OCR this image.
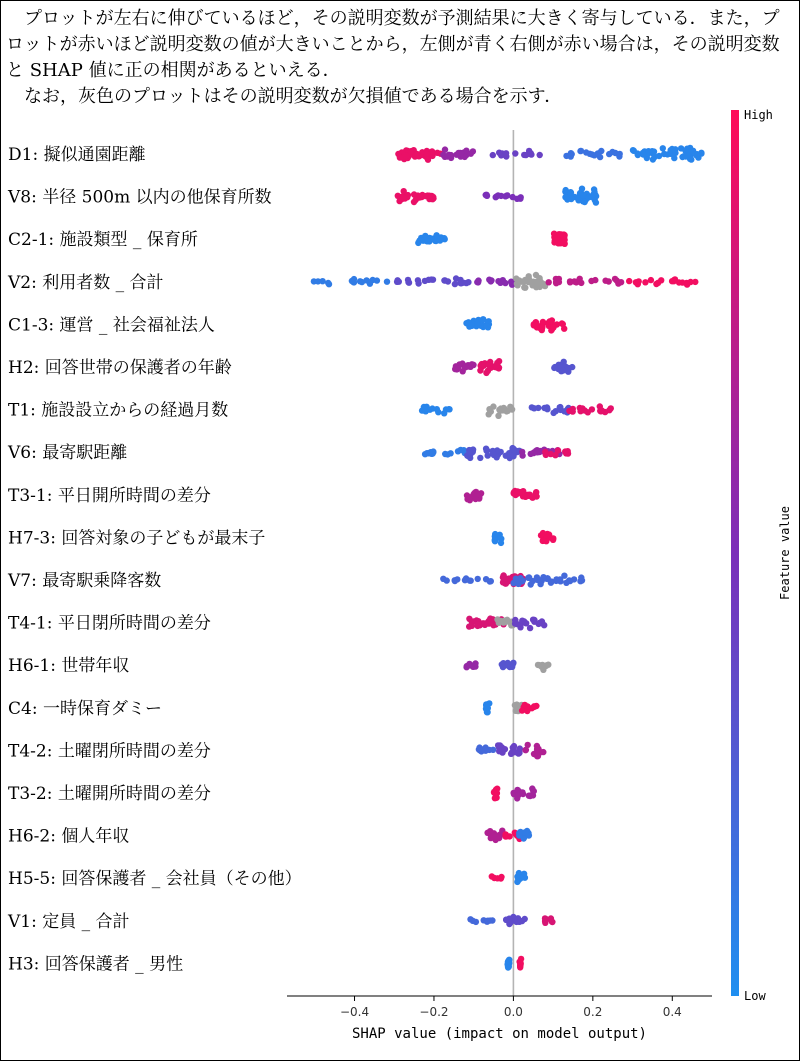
プロットが左右に伸びているほど，その説明変数が予測結果に大きく寄与している．また，プロットが赤いほど説明変数の値が大きいことから，左側が青く右側が赤い場合は，その説明変数と SHAP 値に正の相関があるといえる．

なお，灰色のプロットはその説明変数が欠損値である場合を示す．

D1: 擬似通園距離
V8: 半径 500m 以内の他保育所数
C2-1: 施設類型 _ 保育所
V2: 利用者数 _ 合計
C1-3: 運営 _ 社会福祉法人
H2: 回答世帯の保護者の年齢
T1: 施設設立からの経過月数
V6: 最寄駅距離
T3-1: 平日開所時間の差分
H7-3: 回答対象の子どもが最末子
V7: 最寄駅乗降客数
T4-1: 平日閉所時間の差分
H6-1: 世帯年収
C4: 一時保育ダミー
T4-2: 土曜閉所時間の差分
T3-2: 土曜開所時間の差分
H6-2: 個人年収
H5-5: 回答保護者 _ 会社員（その他）
V1: 定員 _ 合計
H3: 回答保護者 _ 男性
−0.4	−0.2	0.0	0.2	0.4
SHAP value (impact on model output)
High
Low
Feature value
